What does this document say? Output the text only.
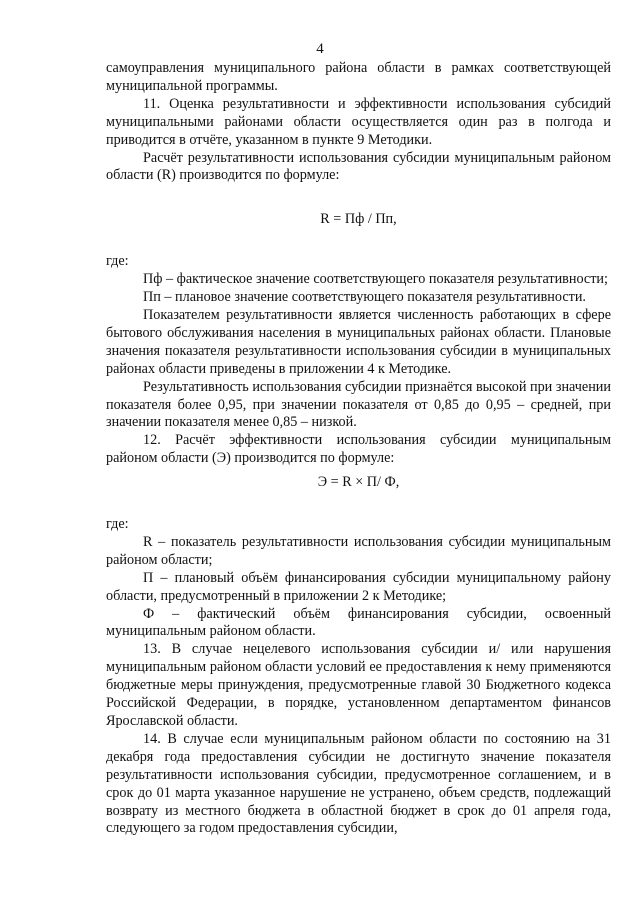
4

самоуправления муниципального района области в рамках соответствующей муниципальной программы.

11. Оценка результативности и эффективности использования субсидий муниципальными районами области осуществляется один раз в полгода и приводится в отчёте, указанном в пункте 9 Методики.

Расчёт результативности использования субсидии муниципальным районом области (R) производится по формуле:

R = Пф / Пп,

где:

Пф – фактическое значение соответствующего показателя результативности;

Пп – плановое значение соответствующего показателя результативности.

Показателем результативности является численность работающих в сфере бытового обслуживания населения в муниципальных районах области. Плановые значения показателя результативности использования субсидии в муниципальных районах области приведены в приложении 4 к Методике.

Результативность использования субсидии признаётся высокой при значении показателя более 0,95, при значении показателя от 0,85 до 0,95 – средней, при значении показателя менее 0,85 – низкой.

12. Расчёт эффективности использования субсидии муниципальным районом области (Э) производится по формуле:

Э = R × П/ Ф,

где:

R – показатель результативности использования субсидии муниципальным районом области;

П – плановый объём финансирования субсидии муниципальному району области, предусмотренный в приложении 2 к Методике;

Ф – фактический объём финансирования субсидии, освоенный муниципальным районом области.

13. В случае нецелевого использования субсидии и/ или нарушения муниципальным районом области условий ее предоставления к нему применяются бюджетные меры принуждения, предусмотренные главой 30 Бюджетного кодекса Российской Федерации, в порядке, установленном департаментом финансов Ярославской области.

14. В случае если муниципальным районом области по состоянию на 31 декабря года предоставления субсидии не достигнуто значение показателя результативности использования субсидии, предусмотренное соглашением, и в срок до 01 марта указанное нарушение не устранено, объем средств, подлежащий возврату из местного бюджета в областной бюджет в срок до 01 апреля года, следующего за годом предоставления субсидии,
